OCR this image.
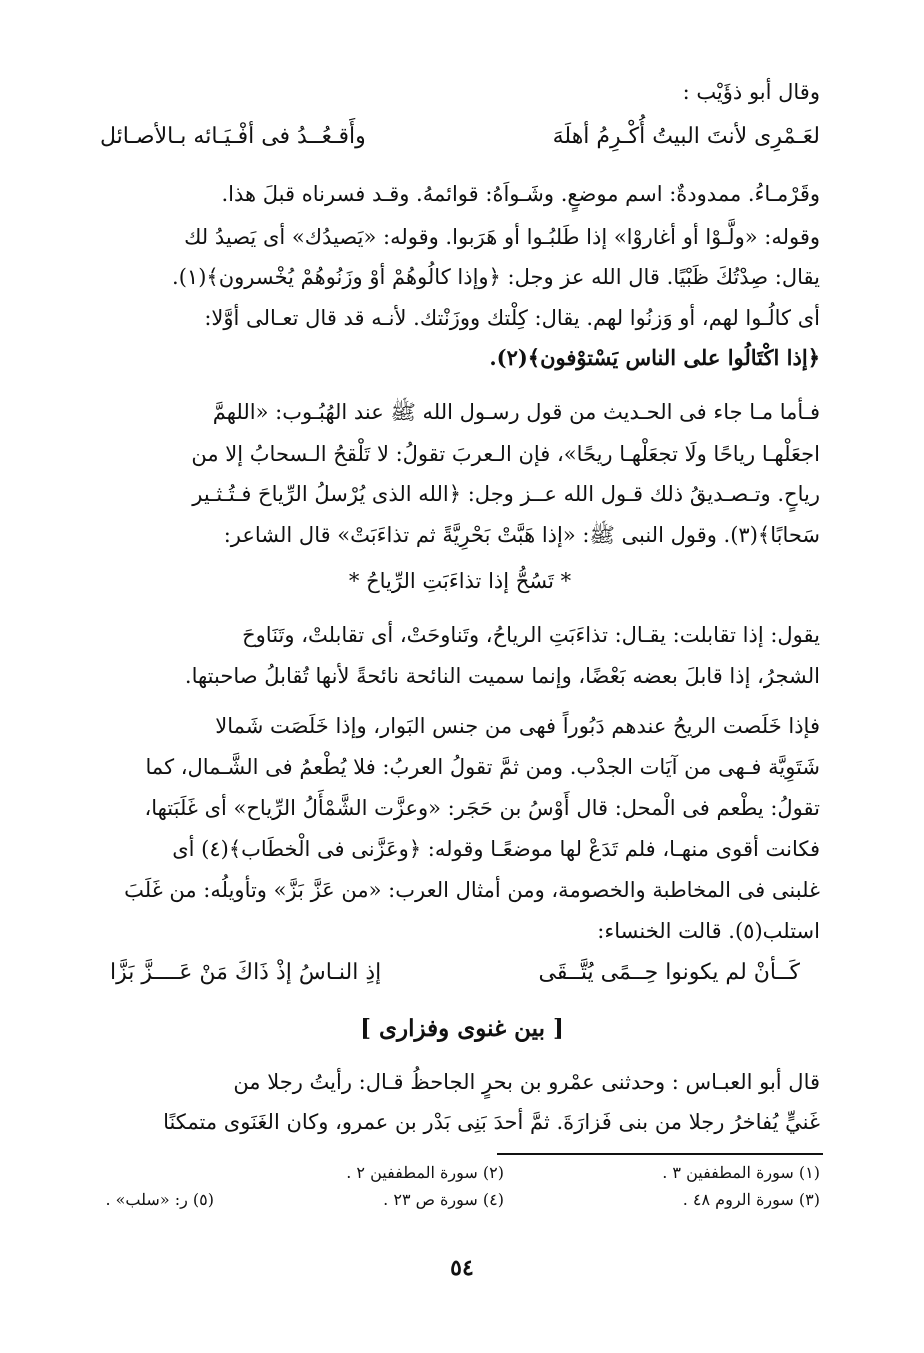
وقال أبو ذؤَيْب :
لعَـمْرِى لأنتَ البيتُ أُكْـرِمُ أهلَهَ
وأَقـعُــدُ فى أفْـيَـائه بـالأصـائل
وقَرْمـاءُ. ممدودةٌ: اسم موضعٍ. وشَـواَهُ: قوائمهُ. وقـد فسرناه قبلَ هذا.
وقوله: «ولَّـوْا أو أغاروْا» إذا طَلبُـوا أو هَرَبوا. وقوله: «يَصيدُك» أى يَصيدُ لك
يقال: صِدْتُكَ ظَبْيًا. قال الله عز وجل: ﴿وإذا كالُوهُمْ أوْ وزَنُوهُمْ يُخْسرون﴾(١).
أى كالُـوا لهم، أو وَزنُوا لهم. يقال: كِلْتك ووزَنْتك. لأنـه قد قال تعـالى أوَّلا:
﴿إذا اكْتَالُوا على الناس يَسْتوْفون﴾(٢).
فـأما مـا جاء فى الحـديث من قول رسـول الله ﷺ عند الهُبُـوب: «اللهمَّ
اجعَلْهـا رياحًا ولَا تجعَلْهـا ريحًا»، فإن الـعربَ تقولُ: لا تَلْقحُ الـسحابُ إلا من
رياحٍ. وتـصـديقُ ذلك قـول الله عــز وجل: ﴿الله الذى يُرْسلُ الرِّياحَ فـتُـثـير
سَحابًا﴾(٣). وقول النبى ﷺ: «إذا هَبَّتْ بَحْرِيَّةً ثم تذاءَبَتْ» قال الشاعر:
* تَسُحُّ إذا تذاءَبَتِ الرِّياحُ *
يقول: إذا تقابلت: يقـال: تذاءَبَتِ الرياحُ، وتَناوحَتْ، أى تقابلتْ، وتَنَاوحَ
الشجرُ، إذا قابلَ بعضه بَعْضًا، وإنما سميت النائحة نائحةً لأنها تُقابلُ صاحبتها.
فإذا خَلَصت الريحُ عندهم دَبُوراً فهى من جنس البَوار، وإذا خَلَصَت شَمالا
شَتَوِيَّة فـهى من آيَات الجدْب. ومن ثمَّ تقولُ العربُ: فلا يُطْعمُ فى الشَّـمال، كما
تقولُ: يطْعم فى الْمحل: قال أَوْسُ بن حَجَر: «وعزَّت الشَّمْأَلُ الرِّياح» أى غَلَبَتها،
فكانت أقوى منهـا، فلم تَدَعْ لها موضعًـا وقوله: ﴿وعَزَّنى فى الْخطَاب﴾(٤) أى
غلبنى فى المخاطبة والخصومة، ومن أمثال العرب: «من عَزَّ بَزَّ» وتأويلُه: من غَلَبَ
استلب(٥). قالت الخنساء:
كَــأنْ لم يكونوا حِــمًى يُتَّــقَى
إذِ النـاسُ إذْ ذَاكَ مَنْ عَــــزَّ بَزَّا
[ بين غنوى وفزارى ]
قال أبو العبـاس : وحدثنى عمْرو بن بحرٍ الجاحظُ قـال: رأيتُ رجلا من
غَنيٍّ يُفاخرُ رجلا من بنى فَزارَةَ. ثمَّ أحدَ بَنِى بَدْر بن عمرو، وكان الغَنَوى متمكنًا
(١) سورة المطففين ٣ .
(٢) سورة المطففين ٢ .
(٣) سورة الروم ٤٨ .
(٤) سورة ص ٢٣ .
(٥) ر: «سلب» .
٥٤
